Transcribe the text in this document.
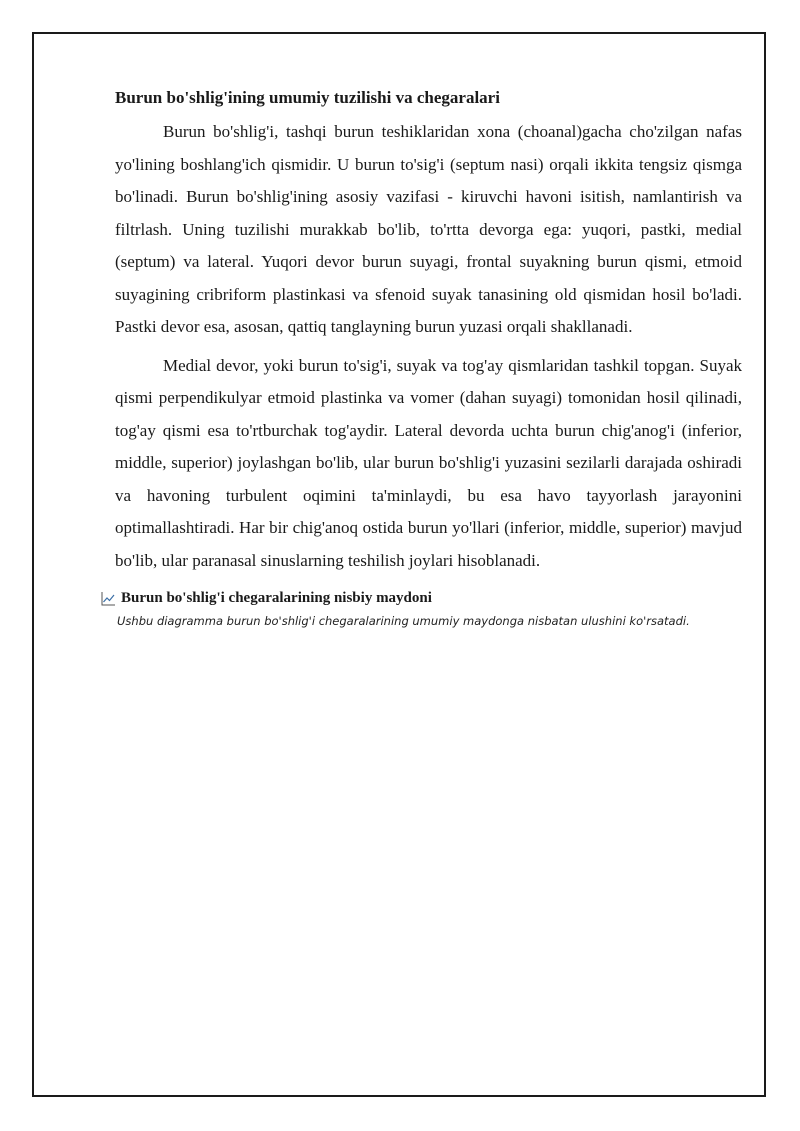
Burun bo'shlig'ining umumiy tuzilishi va chegaralari

Burun bo'shlig'i, tashqi burun teshiklaridan xona (choanal)gacha cho'zilgan nafas yo'lining boshlang'ich qismidir. U burun to'sig'i (septum nasi) orqali ikkita tengsiz qismga bo'linadi. Burun bo'shlig'ining asosiy vazifasi - kiruvchi havoni isitish, namlantirish va filtrlash. Uning tuzilishi murakkab bo'lib, to'rtta devorga ega: yuqori, pastki, medial (septum) va lateral. Yuqori devor burun suyagi, frontal suyakning burun qismi, etmoid suyagining cribriform plastinkasi va sfenoid suyak tanasining old qismidan hosil bo'ladi. Pastki devor esa, asosan, qattiq tanglayning burun yuzasi orqali shakllanadi.

Medial devor, yoki burun to'sig'i, suyak va tog'ay qismlaridan tashkil topgan. Suyak qismi perpendikulyar etmoid plastinka va vomer (dahan suyagi) tomonidan hosil qilinadi, tog'ay qismi esa to'rtburchak tog'aydir. Lateral devorda uchta burun chig'anog'i (inferior, middle, superior) joylashgan bo'lib, ular burun bo'shlig'i yuzasini sezilarli darajada oshiradi va havoning turbulent oqimini ta'minlaydi, bu esa havo tayyorlash jarayonini optimallashtiradi. Har bir chig'anoq ostida burun yo'llari (inferior, middle, superior) mavjud bo'lib, ular paranasal sinuslarning teshilish joylari hisoblanadi.

Burun bo'shlig'i chegaralarining nisbiy maydoni
Ushbu diagramma burun bo'shlig'i chegaralarining umumiy maydonga nisbatan ulushini ko'rsatadi.
